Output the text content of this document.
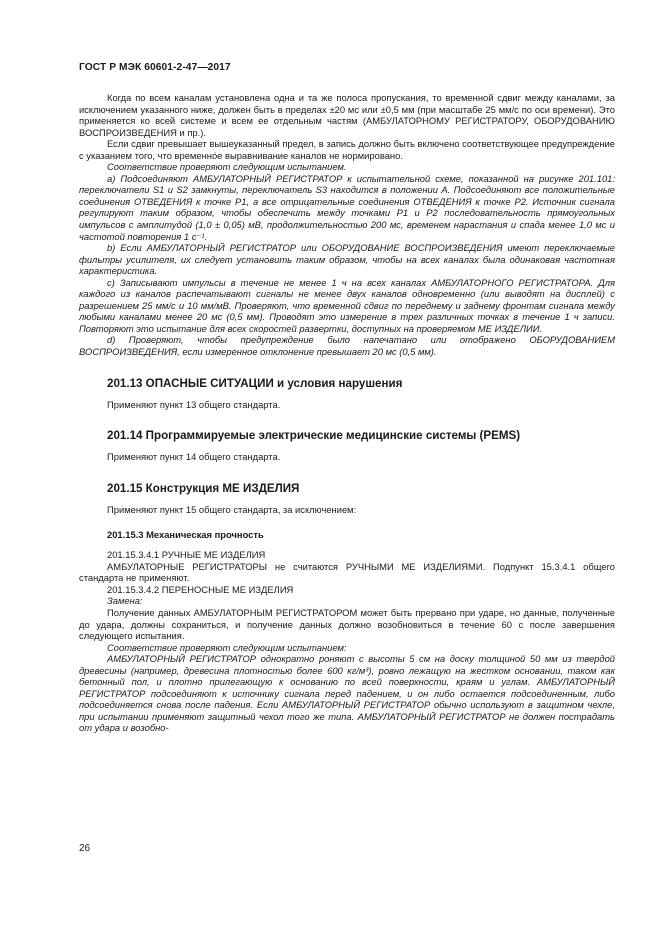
ГОСТ Р МЭК 60601-2-47—2017

Когда по всем каналам установлена одна и та же полоса пропускания, то временной сдвиг между каналами, за исключением указанного ниже, должен быть в пределах ±20 мс или ±0,5 мм (при масштабе 25 мм/с по оси времени). Это применяется ко всей системе и всем ее отдельным частям (АМБУЛАТОРНОМУ РЕГИСТРАТОРУ, ОБОРУДОВАНИЮ ВОСПРОИЗВЕДЕНИЯ и пр.).

Если сдвиг превышает вышеуказанный предел, в запись должно быть включено соответствующее предупреждение с указанием того, что временнóе выравнивание каналов не нормировано.

Соответствие проверяют следующим испытанием.

а) Подсоединяют АМБУЛАТОРНЫЙ РЕГИСТРАТОР к испытательной схеме, показанной на рисунке 201.101: переключатели S1 и S2 замкнуты, переключатель S3 находится в положении А. Подсоединяют все положительные соединения ОТВЕДЕНИЯ к точке Р1, а все отрицательные соединения ОТВЕДЕНИЯ к точке Р2. Источник сигнала регулируют таким образом, чтобы обеспечить между точками Р1 и Р2 последовательность прямоугольных импульсов с амплитудой (1,0 ± 0,05) мВ, продолжительностью 200 мс, временем нарастания и спада менее 1,0 мс и частотой повторения 1 с⁻¹.

b) Если АМБУЛАТОРНЫЙ РЕГИСТРАТОР или ОБОРУДОВАНИЕ ВОСПРОИЗВЕДЕНИЯ имеют переключаемые фильтры усилителя, их следует установить таким образом, чтобы на всех каналах была одинаковая частотная характеристика.

с) Записывают импульсы в течение не менее 1 ч на всех каналах АМБУЛАТОРНОГО РЕГИСТРАТОРА. Для каждого из каналов распечатывают сигналы не менее двух каналов одновременно (или выводят на дисплей) с разрешением 25 мм/с и 10 мм/мВ. Проверяют, что временной сдвиг по переднему и заднему фронтам сигнала между любыми каналами менее 20 мс (0,5 мм). Проводят это измерение в трех различных точках в течение 1 ч записи. Повторяют это испытание для всех скоростей развертки, доступных на проверяемом МЕ ИЗДЕЛИИ.

d) Проверяют, чтобы предупреждение было напечатано или отображено ОБОРУДОВАНИЕМ ВОСПРОИЗВЕДЕНИЯ, если измеренное отклонение превышает 20 мс (0,5 мм).

201.13 ОПАСНЫЕ СИТУАЦИИ и условия нарушения

Применяют пункт 13 общего стандарта.

201.14 Программируемые электрические медицинские системы (PEMS)

Применяют пункт 14 общего стандарта.

201.15 Конструкция МЕ ИЗДЕЛИЯ

Применяют пункт 15 общего стандарта, за исключением:

201.15.3 Механическая прочность

201.15.3.4.1 РУЧНЫЕ МЕ ИЗДЕЛИЯ

АМБУЛАТОРНЫЕ РЕГИСТРАТОРЫ не считаются РУЧНЫМИ МЕ ИЗДЕЛИЯМИ. Подпункт 15.3.4.1 общего стандарта не применяют.

201.15.3.4.2 ПЕРЕНОСНЫЕ МЕ ИЗДЕЛИЯ

Замена:

Получение данных АМБУЛАТОРНЫМ РЕГИСТРАТОРОМ может быть прервано при ударе, но данные, полученные до удара, должны сохраниться, и получение данных должно возобновиться в течение 60 с после завершения следующего испытания.

Соответствие проверяют следующим испытанием:

АМБУЛАТОРНЫЙ РЕГИСТРАТОР однократно роняют с высоты 5 см на доску толщиной 50 мм из твердой древесины (например, древесина плотностью более 600 кг/м³), ровно лежащую на жестком основании, таком как бетонный пол, и плотно прилегающую к основанию по всей поверхности, краям и углам. АМБУЛАТОРНЫЙ РЕГИСТРАТОР подсоединяют к источнику сигнала перед падением, и он либо остается подсоединенным, либо подсоединяется снова после падения. Если АМБУЛАТОРНЫЙ РЕГИСТРАТОР обычно используют в защитном чехле, при испытании применяют защитный чехол того же типа. АМБУЛАТОРНЫЙ РЕГИСТРАТОР не должен пострадать от удара и возобно-

26
